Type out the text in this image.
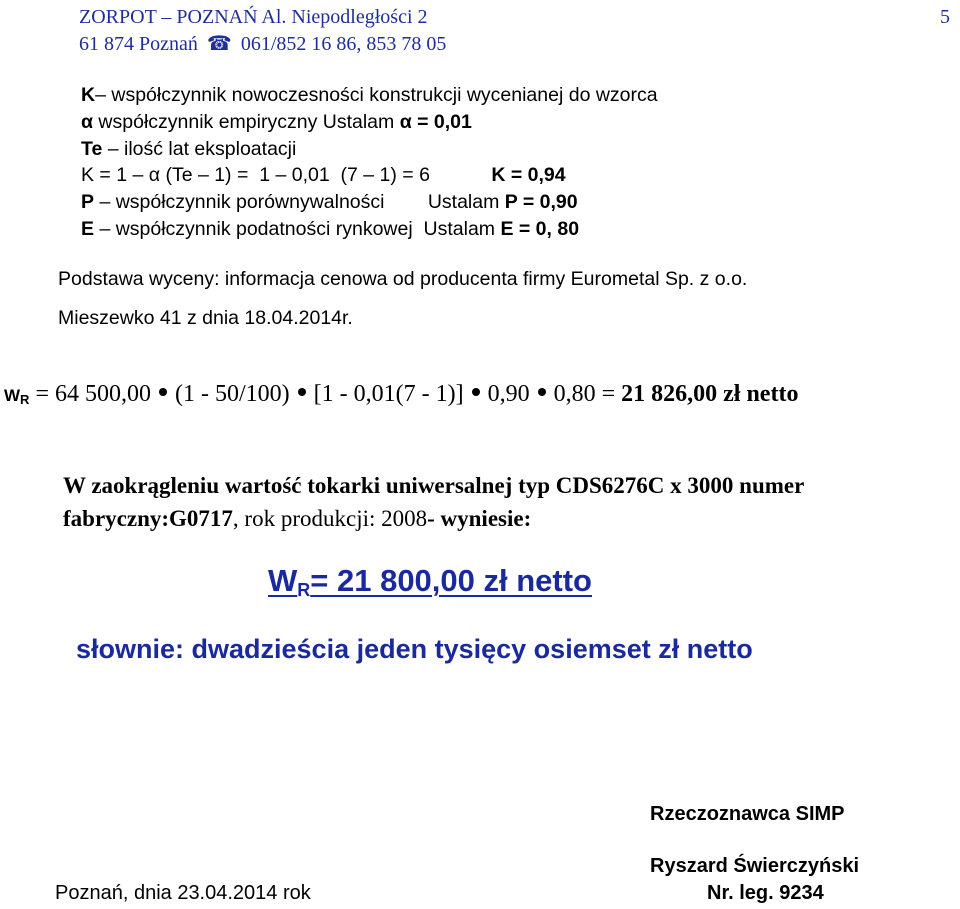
ZORPOT – POZNAŃ Al. Niepodległości 2
61 874 Poznań ☎ 061/852 16 86, 853 78 05
5
K– współczynnik nowoczesności konstrukcji wycenianej do wzorca
α współczynnik empiryczny Ustalam α = 0,01
Te – ilość lat eksploatacji
K = 1 – α (Te – 1) =  1 – 0,01  (7 – 1) = 6	K = 0,94
P – współczynnik porównywalności        Ustalam P = 0,90
E – współczynnik podatności rynkowej  Ustalam E = 0, 80
Podstawa wyceny: informacja cenowa od producenta firmy Eurometal Sp. z o.o.
Mieszewko 41 z dnia 18.04.2014r.
$W_R = 64$ 500,00 (1 - 50/100) [1 - 0,01(7 - 1)] 0,90 0,80 = 21 826,00 zł netto
W zaokrągleniu wartość tokarki uniwersalnej typ CDS6276C x 3000 numer
fabryczny:G0717, rok produkcji: 2008- wyniesie:
WR= 21 800,00 zł netto
słownie: dwadzieścia jeden tysięcy osiemset zł netto
Rzeczoznawca SIMP
Ryszard Świerczyński
Poznań, dnia 23.04.2014 rok	Nr. leg. 9234
